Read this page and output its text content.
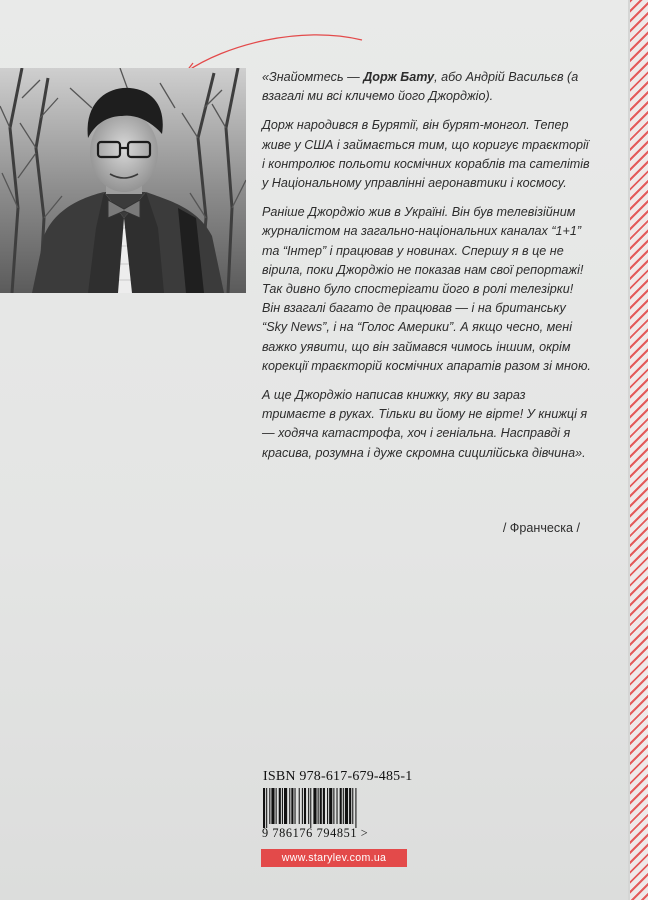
«Знайомтесь — Дорж Бату, або Андрій Васильєв (а взагалі ми всі кличемо його Джорджіо).

Дорж народився в Бурятії, він бурят-монгол. Тепер живе у США і займається тим, що коригує траєкторії і контролює польоти космічних кораблів та сателітів у Національному управлінні аеронавтики і космосу.

Раніше Джорджіо жив в Україні. Він був телевізійним журналістом на загально-національних каналах “1+1” та “Інтер” і працював у новинах. Спершу я в це не вірила, поки Джорджіо не показав нам свої репортажі! Так дивно було спостерігати його в ролі телезірки! Він взагалі багато де працював — і на британську “Sky News”, і на “Голос Америки”. А якщо чесно, мені важко уявити, що він займався чимось іншим, окрім корекції траєкторій космічних апаратів разом зі мною.

А ще Джорджіо написав книжку, яку ви зараз тримаєте в руках. Тільки ви йому не вірте! У книжці я — ходяча катастрофа, хоч і геніальна. Насправді я красива, розумна і дуже скромна сицилійська дівчина».

/ Франческа /
ISBN 978-617-679-485-1
9 786176 794851 >
www.starylev.com.ua
